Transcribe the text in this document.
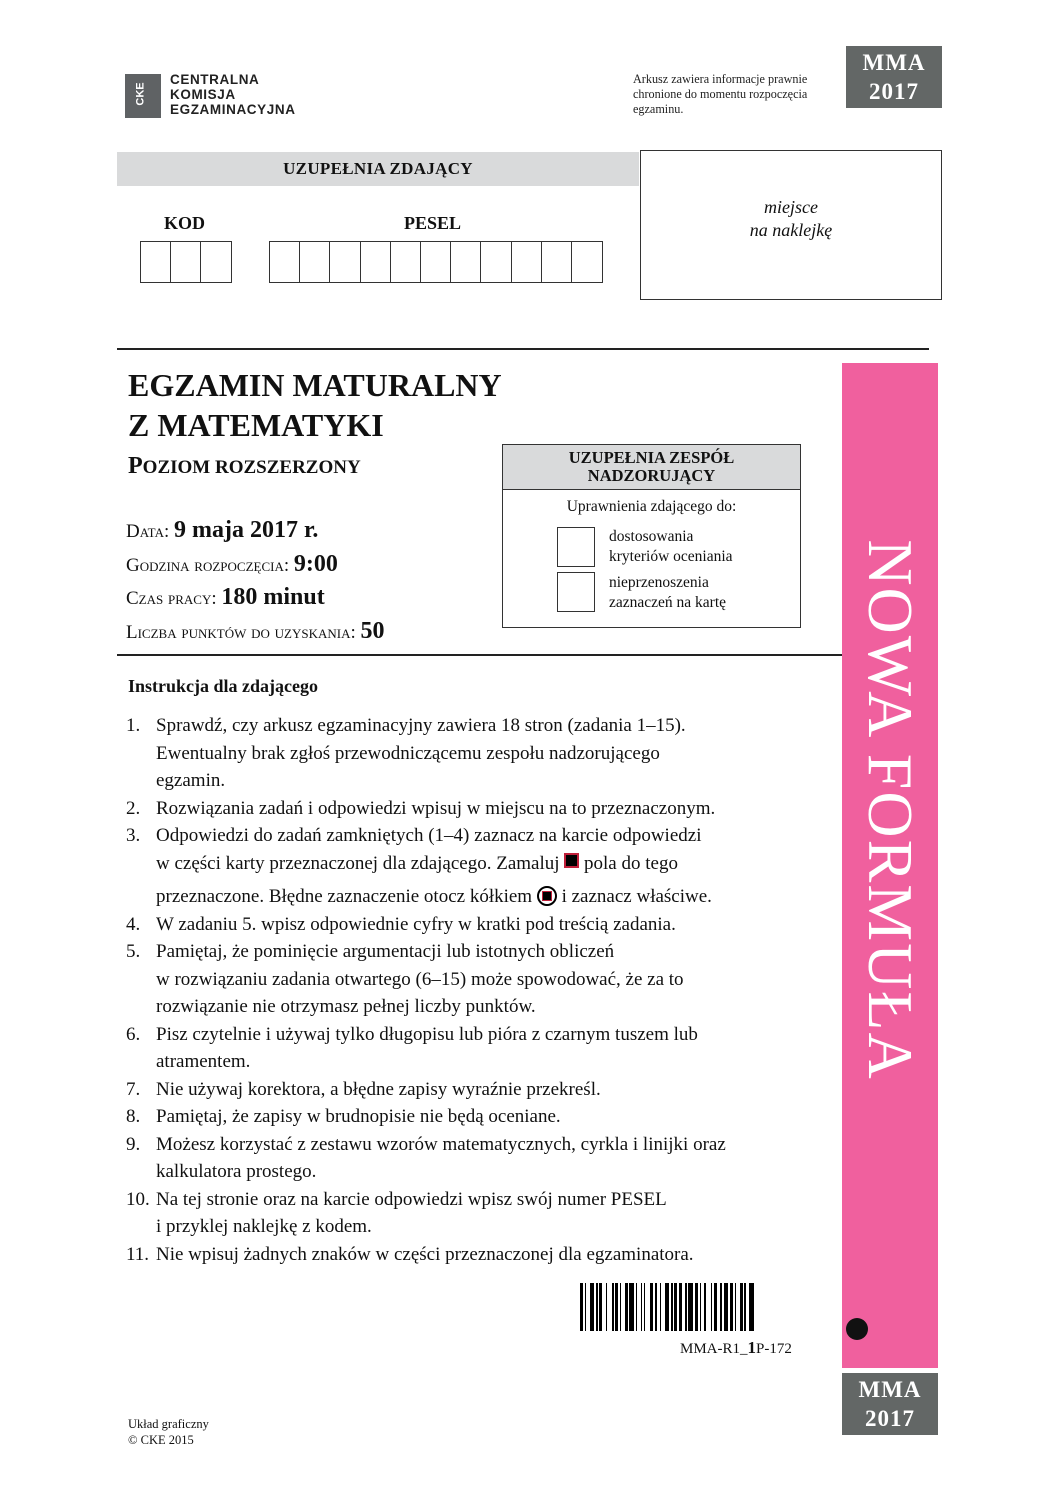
CKE
CENTRALNA
KOMISJA
EGZAMINACYJNA
Arkusz zawiera informacje prawnie chronione do momentu rozpoczęcia egzaminu.
MMA
2017
UZUPEŁNIA ZDAJĄCY
KOD	PESEL
miejsce
na naklejkę
NOWA FORMUŁA
EGZAMIN MATURALNY
Z MATEMATYKI
POZIOM ROZSZERZONY
Data: 9 maja 2017 r.
Godzina rozpoczęcia: 9:00
Czas pracy: 180 minut
Liczba punktów do uzyskania: 50
UZUPEŁNIA ZESPÓŁ
NADZORUJĄCY
Uprawnienia zdającego do:
dostosowania
kryteriów oceniania
nieprzenoszenia
zaznaczeń na kartę
Instrukcja dla zdającego
1. Sprawdź, czy arkusz egzaminacyjny zawiera 18 stron (zadania 1–15).
Ewentualny brak zgłoś przewodniczącemu zespołu nadzorującego
egzamin.
2. Rozwiązania zadań i odpowiedzi wpisuj w miejscu na to przeznaczonym.
3. Odpowiedzi do zadań zamkniętych (1–4) zaznacz na karcie odpowiedzi
w części karty przeznaczonej dla zdającego. Zamaluj pola do tego
przeznaczone. Błędne zaznaczenie otocz kółkiem i zaznacz właściwe.
4. W zadaniu 5. wpisz odpowiednie cyfry w kratki pod treścią zadania.
5. Pamiętaj, że pominięcie argumentacji lub istotnych obliczeń
w rozwiązaniu zadania otwartego (6–15) może spowodować, że za to
rozwiązanie nie otrzymasz pełnej liczby punktów.
6. Pisz czytelnie i używaj tylko długopisu lub pióra z czarnym tuszem lub
atramentem.
7. Nie używaj korektora, a błędne zapisy wyraźnie przekreśl.
8. Pamiętaj, że zapisy w brudnopisie nie będą oceniane.
9. Możesz korzystać z zestawu wzorów matematycznych, cyrkla i linijki oraz
kalkulatora prostego.
10. Na tej stronie oraz na karcie odpowiedzi wpisz swój numer PESEL
i przyklej naklejkę z kodem.
11. Nie wpisuj żadnych znaków w części przeznaczonej dla egzaminatora.
MMA-R1_1P-172
MMA
2017
Układ graficzny
© CKE 2015
